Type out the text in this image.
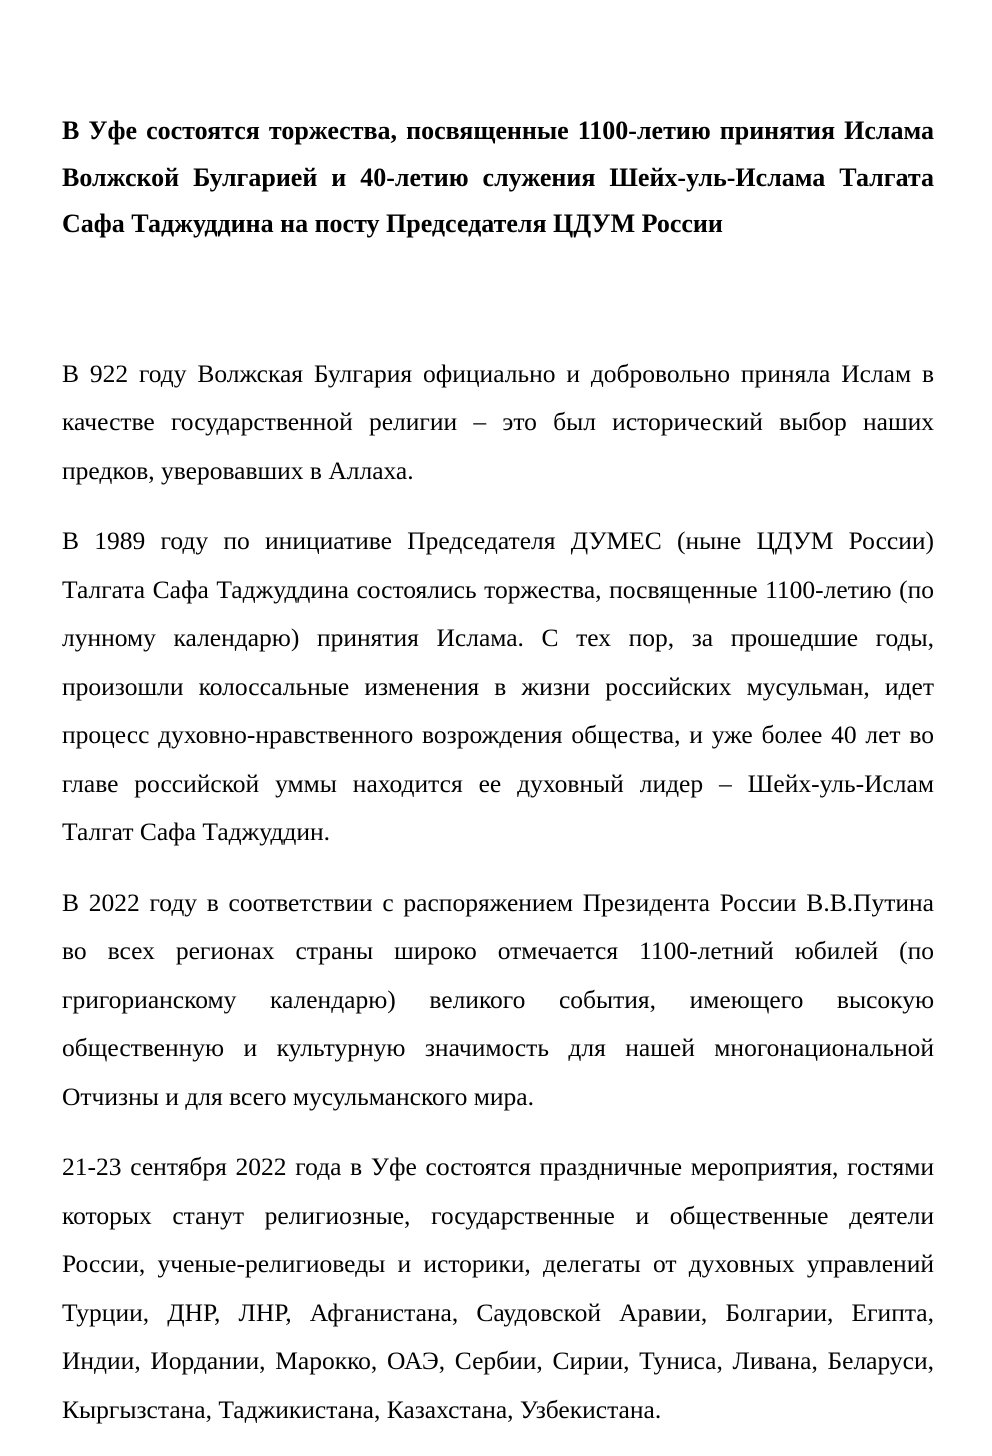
В Уфе состоятся торжества, посвященные 1100-летию принятия Ислама Волжской Булгарией и 40-летию служения Шейх-уль-Ислама Талгата Сафа Таджуддина на посту Председателя ЦДУМ России

В 922 году Волжская Булгария официально и добровольно приняла Ислам в качестве государственной религии – это был исторический выбор наших предков, уверовавших в Аллаха.

В 1989 году по инициативе Председателя ДУМЕС (ныне ЦДУМ России) Талгата Сафа Таджуддина состоялись торжества, посвященные 1100-летию (по лунному календарю) принятия Ислама. С тех пор, за прошедшие годы, произошли колоссальные изменения в жизни российских мусульман, идет процесс духовно-нравственного возрождения общества, и уже более 40 лет во главе российской уммы находится ее духовный лидер – Шейх-уль-Ислам Талгат Сафа Таджуддин.

В 2022 году в соответствии с распоряжением Президента России В.В.Путина во всех регионах страны широко отмечается 1100-летний юбилей (по григорианскому календарю) великого события, имеющего высокую общественную и культурную значимость для нашей многонациональной Отчизны и для всего мусульманского мира.

21-23 сентября 2022 года в Уфе состоятся праздничные мероприятия, гостями которых станут религиозные, государственные и общественные деятели России, ученые-религиоведы и историки, делегаты от духовных управлений Турции, ДНР, ЛНР, Афганистана, Саудовской Аравии, Болгарии, Египта, Индии, Иордании, Марокко, ОАЭ, Сербии, Сирии, Туниса, Ливана, Беларуси, Кыргызстана, Таджикистана, Казахстана, Узбекистана.
